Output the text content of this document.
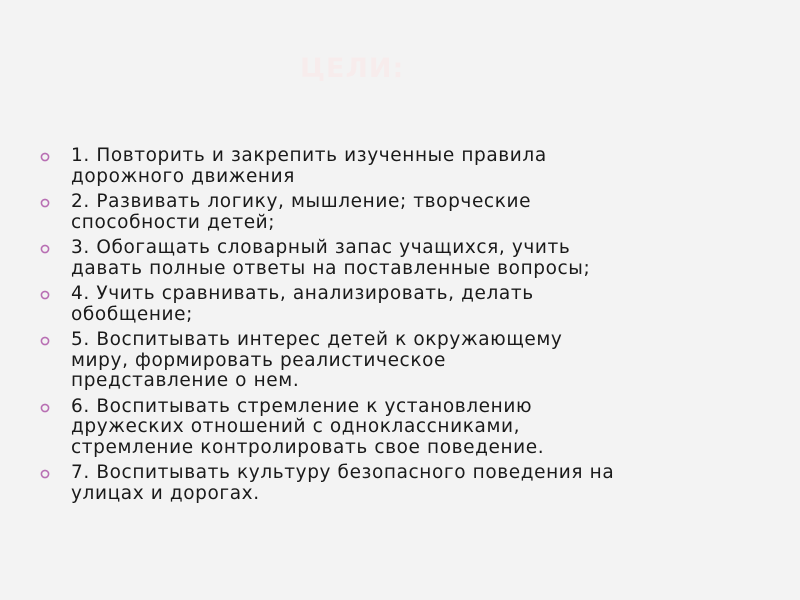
ЦЕЛИ:
1. Повторить и закрепить изученные правила
дорожного движения
2. Развивать логику, мышление; творческие
способности детей;
3. Обогащать словарный запас учащихся, учить
давать полные ответы на поставленные вопросы;
4. Учить сравнивать, анализировать, делать
обобщение;
5. Воспитывать интерес детей к окружающему
миру, формировать реалистическое
представление о нем.
6. Воспитывать стремление к установлению
дружеских отношений с одноклассниками,
стремление контролировать свое поведение.
7. Воспитывать культуру безопасного поведения на
улицах и дорогах.
